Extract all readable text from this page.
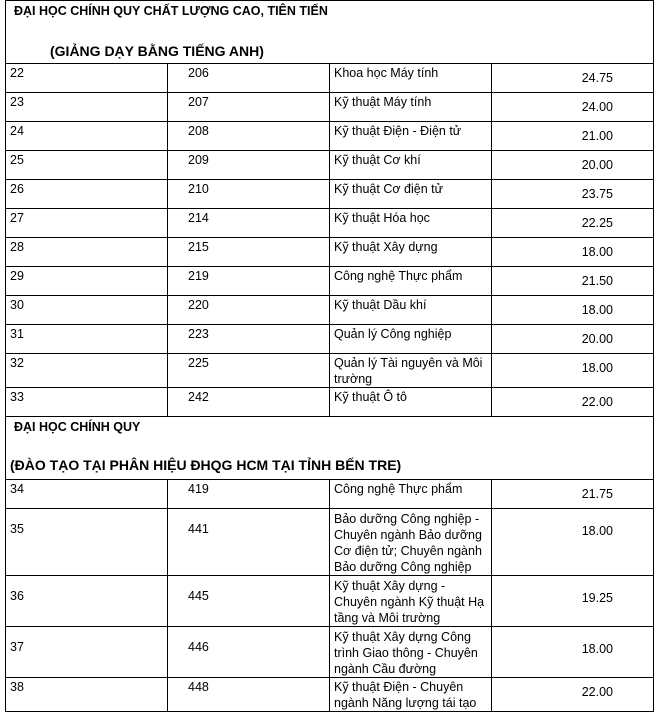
ĐẠI HỌC CHÍNH QUY CHẤT LƯỢNG CAO, TIÊN TIẾN
(GIẢNG DẠY BẰNG TIẾNG ANH)			

22	206	Khoa học Máy tính	24.75
23	207	Kỹ thuật Máy tính	24.00
24	208	Kỹ thuật Điện - Điện tử	21.00
25	209	Kỹ thuật Cơ khí	20.00
26	210	Kỹ thuật Cơ điện tử	23.75
27	214	Kỹ thuật Hóa học	22.25
28	215	Kỹ thuật Xây dựng	18.00
29	219	Công nghệ Thực phẩm	21.50
30	220	Kỹ thuật Dầu khí	18.00
31	223	Quản lý Công nghiệp	20.00
32	225	Quản lý Tài nguyên và Môi trường	18.00
33	242	Kỹ thuật Ô tô	22.00

ĐẠI HỌC CHÍNH QUY
(ĐÀO TẠO TẠI PHÂN HIỆU ĐHQG HCM TẠI TỈNH BẾN TRE)			

34	419	Công nghệ Thực phẩm	21.75
35	441	Bảo dưỡng Công nghiệp - Chuyên ngành Bảo dưỡng Cơ điện tử; Chuyên ngành Bảo dưỡng Công nghiệp	18.00
36	445	Kỹ thuật Xây dựng - Chuyên ngành Kỹ thuật Hạ tầng và Môi trường	19.25
37	446	Kỹ thuật Xây dựng Công trình Giao thông - Chuyên ngành Cầu đường	18.00
38	448	Kỹ thuật Điện - Chuyên ngành Năng lượng tái tạo	22.00
